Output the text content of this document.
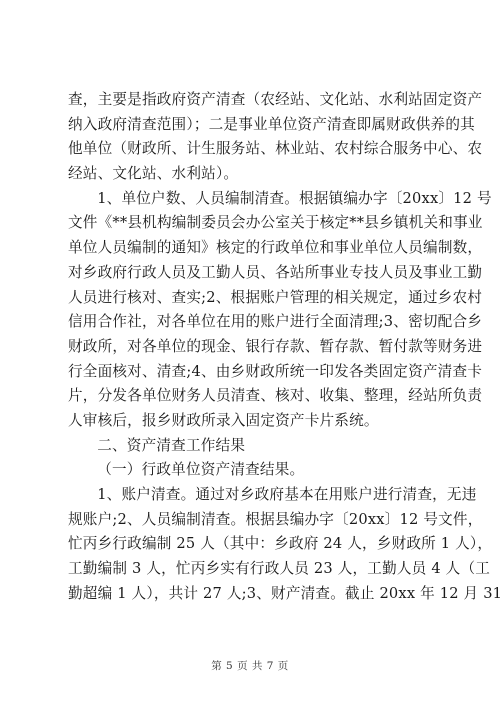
查，主要是指政府资产清查（农经站、文化站、水利站固定资产
纳入政府清查范围）；二是事业单位资产清查即属财政供养的其
他单位（财政所、计生服务站、林业站、农村综合服务中心、农
经站、文化站、水利站）。
1、单位户数、人员编制清查。根据镇编办字〔20xx〕12 号
文件《**县机构编制委员会办公室关于核定**县乡镇机关和事业
单位人员编制的通知》核定的行政单位和事业单位人员编制数，
对乡政府行政人员及工勤人员、各站所事业专技人员及事业工勤
人员进行核对、查实;2、根据账户管理的相关规定，通过乡农村
信用合作社，对各单位在用的账户进行全面清理;3、密切配合乡
财政所，对各单位的现金、银行存款、暂存款、暂付款等财务进
行全面核对、清查;4、由乡财政所统一印发各类固定资产清查卡
片，分发各单位财务人员清查、核对、收集、整理，经站所负责
人审核后，报乡财政所录入固定资产卡片系统。
二、资产清查工作结果
（一）行政单位资产清查结果。
1、账户清查。通过对乡政府基本在用账户进行清查，无违
规账户;2、人员编制清查。根据县编办字〔20xx〕12 号文件，
忙丙乡行政编制 25 人（其中：乡政府 24 人，乡财政所 1 人），
工勤编制 3 人，忙丙乡实有行政人员 23 人，工勤人员 4 人（工
勤超编 1 人），共计 27 人;3、财产清查。截止 20xx 年 12 月 31
第 5 页 共 7 页
